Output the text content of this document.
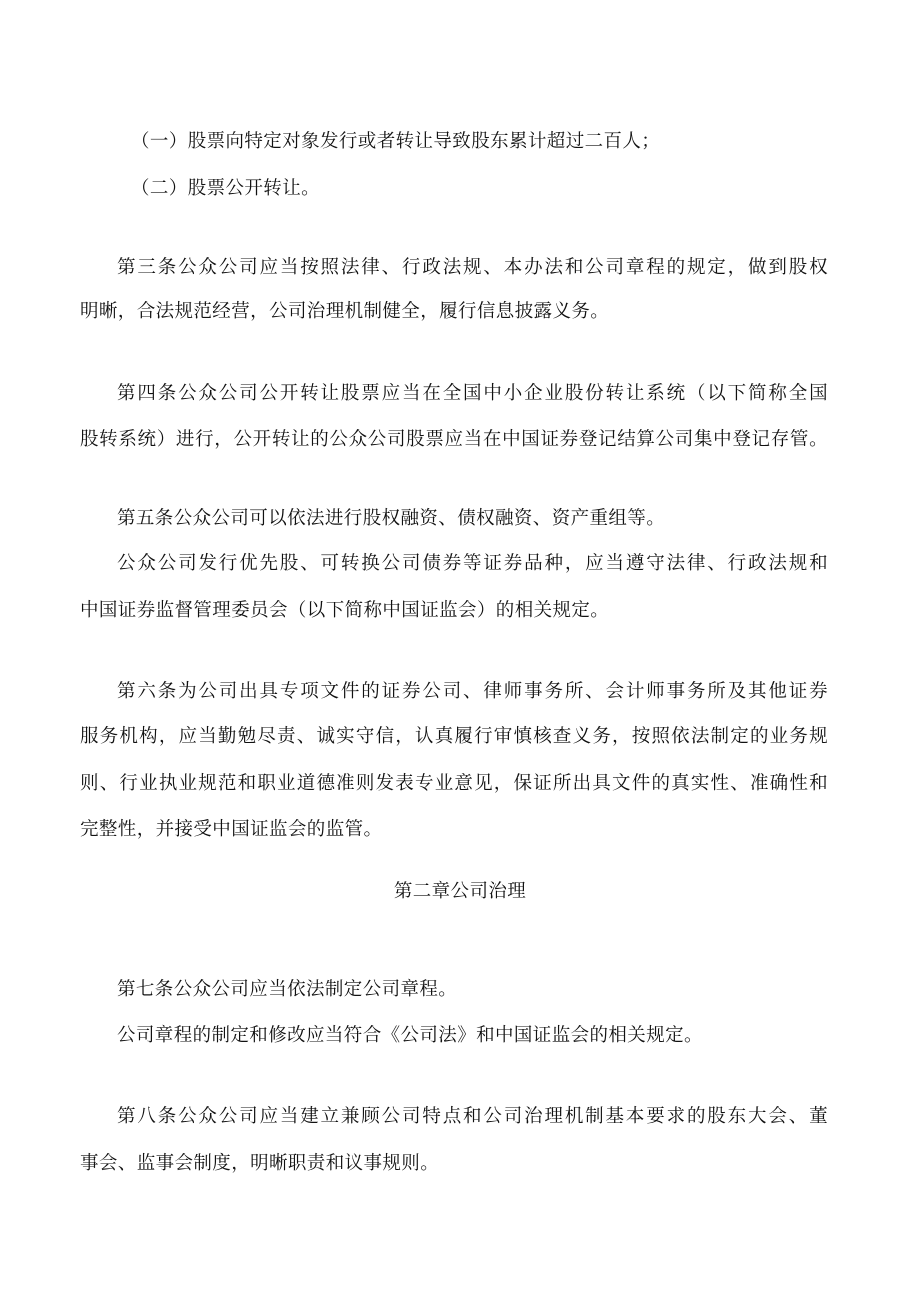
（一）股票向特定对象发行或者转让导致股东累计超过二百人；
（二）股票公开转让。
第三条公众公司应当按照法律、行政法规、本办法和公司章程的规定，做到股权
明晰，合法规范经营，公司治理机制健全，履行信息披露义务。
第四条公众公司公开转让股票应当在全国中小企业股份转让系统（以下简称全国
股转系统）进行，公开转让的公众公司股票应当在中国证券登记结算公司集中登记存管。
第五条公众公司可以依法进行股权融资、债权融资、资产重组等。
公众公司发行优先股、可转换公司债券等证券品种，应当遵守法律、行政法规和
中国证券监督管理委员会（以下简称中国证监会）的相关规定。
第六条为公司出具专项文件的证券公司、律师事务所、会计师事务所及其他证券
服务机构，应当勤勉尽责、诚实守信，认真履行审慎核查义务，按照依法制定的业务规
则、行业执业规范和职业道德准则发表专业意见，保证所出具文件的真实性、准确性和
完整性，并接受中国证监会的监管。
第二章公司治理
第七条公众公司应当依法制定公司章程。
公司章程的制定和修改应当符合《公司法》和中国证监会的相关规定。
第八条公众公司应当建立兼顾公司特点和公司治理机制基本要求的股东大会、董
事会、监事会制度，明晰职责和议事规则。
